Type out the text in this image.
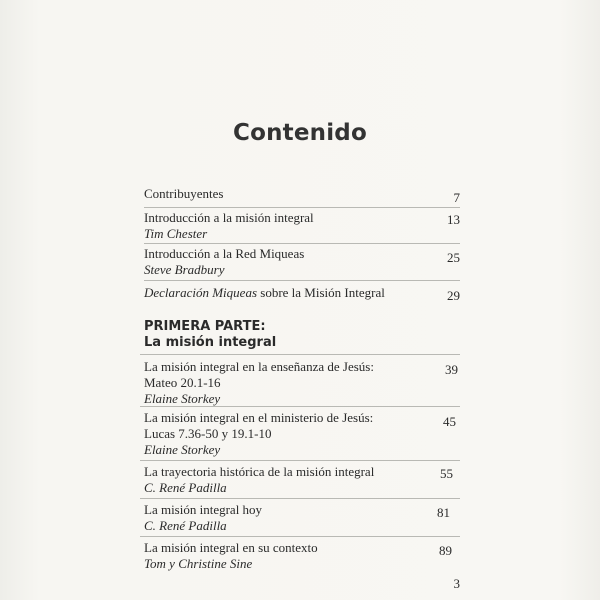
Contenido
Contribuyentes	7
Introducción a la misión integral
Tim Chester
13
Introducción a la Red Miqueas
Steve Bradbury
25
Declaración Miqueas sobre la Misión Integral	29
PRIMERA PARTE:
La misión integral
La misión integral en la enseñanza de Jesús:
Mateo 20.1-16
Elaine Storkey
39
La misión integral en el ministerio de Jesús:
Lucas 7.36-50 y 19.1-10
Elaine Storkey
45
La trayectoria histórica de la misión integral
C. René Padilla
55
La misión integral hoy
C. René Padilla
81
La misión integral en su contexto
Tom y Christine Sine
89
3
